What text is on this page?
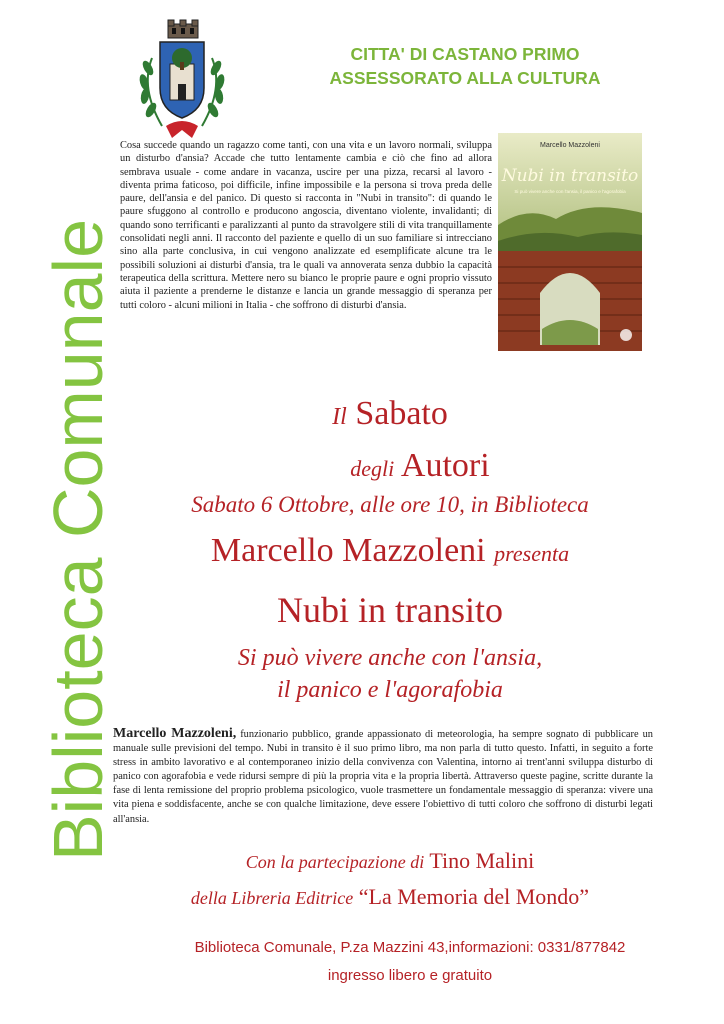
Biblioteca Comunale
CITTA' DI CASTANO PRIMO
ASSESSORATO ALLA CULTURA
Cosa succede quando un ragazzo come tanti, con una vita e un lavoro normali, sviluppa un disturbo d'ansia? Accade che tutto lentamente cambia e ciò che fino ad allora sembrava usuale - come andare in vacanza, uscire per una pizza, recarsi al lavoro - diventa prima faticoso, poi difficile, infine impossibile e la persona si trova preda delle paure, dell'ansia e del panico. Di questo si racconta in "Nubi in transito": di quando le paure sfuggono al controllo e producono angoscia, diventano violente, invalidanti; di quando sono terrificanti e paralizzanti al punto da stravolgere stili di vita tranquillamente consolidati negli anni. Il racconto del paziente e quello di un suo familiare si intrecciano sino alla parte conclusiva, in cui vengono analizzate ed esemplificate alcune tra le possibili soluzioni ai disturbi d'ansia, tra le quali va annoverata senza dubbio la capacità terapeutica della scrittura. Mettere nero su bianco le proprie paure e ogni proprio vissuto aiuta il paziente a prenderne le distanze e lancia un grande messaggio di speranza per tutti coloro - alcuni milioni in Italia - che soffrono di disturbi d'ansia.
Marcello Mazzoleni
Nubi in transito
Si può vivere anche con l'ansia, il panico e l'agorafobia
Il Sabato
degli Autori
Sabato 6 Ottobre, alle ore 10, in Biblioteca
Marcello Mazzoleni presenta
Nubi in transito
Si può vivere anche con l'ansia,
il panico e l'agorafobia
Marcello Mazzoleni, funzionario pubblico, grande appassionato di meteorologia, ha sempre sognato di pubblicare un manuale sulle previsioni del tempo. Nubi in transito è il suo primo libro, ma non parla di tutto questo. Infatti, in seguito a forte stress in ambito lavorativo e al contemporaneo inizio della convivenza con Valentina, intorno ai trent'anni sviluppa disturbo di panico con agorafobia e vede ridursi sempre di più la propria vita e la propria libertà. Attraverso queste pagine, scritte durante la fase di lenta remissione del proprio problema psicologico, vuole trasmettere un fondamentale messaggio di speranza: vivere una vita piena e soddisfacente, anche se con qualche limitazione, deve essere l'obiettivo di tutti coloro che soffrono di disturbi legati all'ansia.
Con la partecipazione di Tino Malini
della Libreria Editrice “La Memoria del Mondo”
Biblioteca Comunale, P.za Mazzini 43,informazioni: 0331/877842
ingresso libero e gratuito
